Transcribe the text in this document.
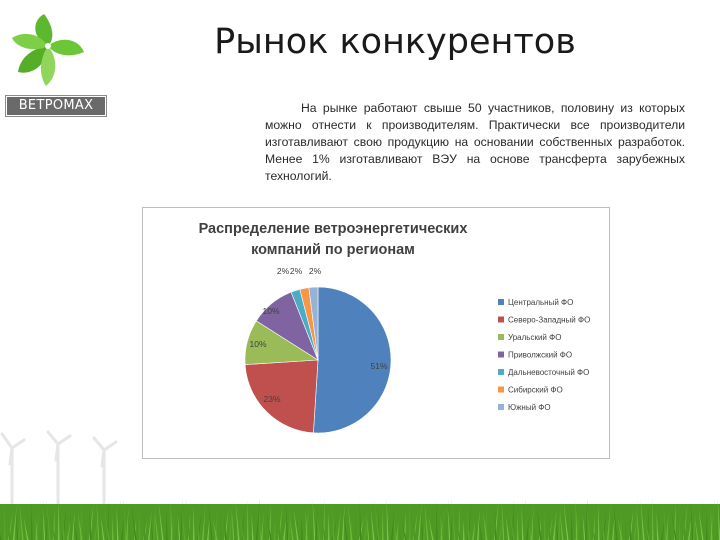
ВЕТРОМАХ
Рынок конкурентов

На рынке работают свыше 50 участников, половину из которых можно отнести к производителям. Практически все производители изготавливают свою продукцию на основании собственных разработок. Менее 1% изготавливают ВЭУ на основе трансферта зарубежных технологий.

Распределение ветроэнергетических
компаний по регионам
51%
23%
10%
10%
2% 2% 2%
Центральный ФО
Северо-Западный ФО
Уральский ФО
Приволжский ФО
Дальневосточный ФО
Сибирский ФО
Южный ФО
